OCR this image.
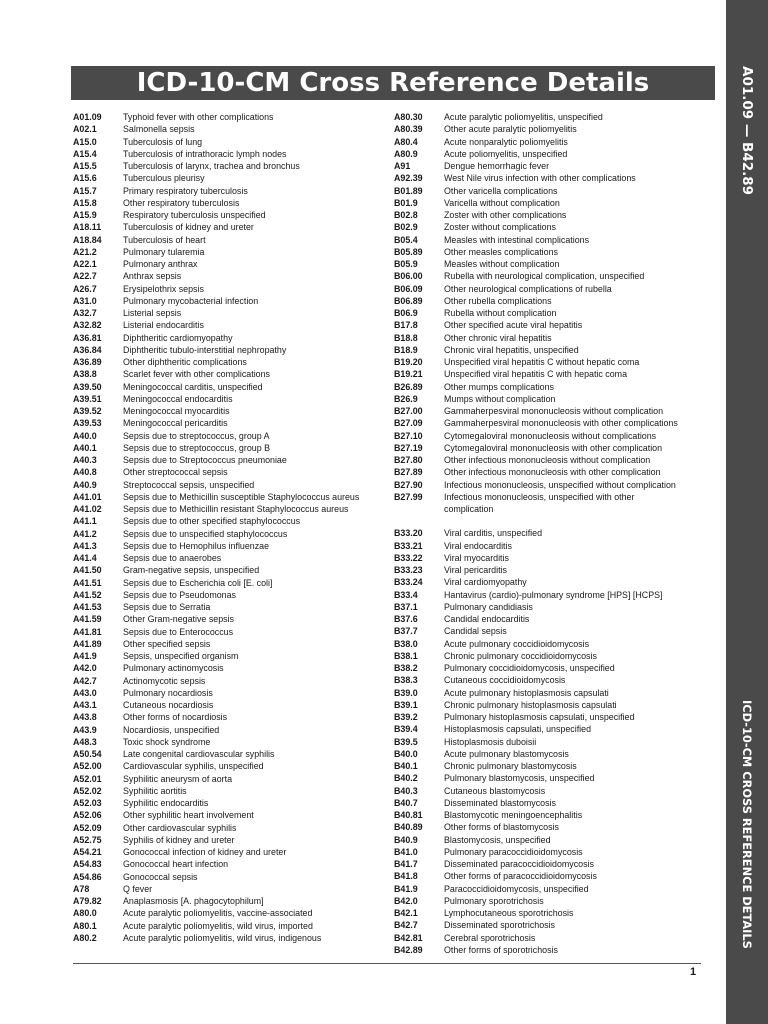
A01.09 — B42.89
ICD-10-CM CROSS REFERENCE DETAILS
ICD-10-CM Cross Reference Details
A01.09	Typhoid fever with other complications
A02.1	Salmonella sepsis
A15.0	Tuberculosis of lung
A15.4	Tuberculosis of intrathoracic lymph nodes
A15.5	Tuberculosis of larynx, trachea and bronchus
A15.6	Tuberculous pleurisy
A15.7	Primary respiratory tuberculosis
A15.8	Other respiratory tuberculosis
A15.9	Respiratory tuberculosis unspecified
A18.11	Tuberculosis of kidney and ureter
A18.84	Tuberculosis of heart
A21.2	Pulmonary tularemia
A22.1	Pulmonary anthrax
A22.7	Anthrax sepsis
A26.7	Erysipelothrix sepsis
A31.0	Pulmonary mycobacterial infection
A32.7	Listerial sepsis
A32.82	Listerial endocarditis
A36.81	Diphtheritic cardiomyopathy
A36.84	Diphtheritic tubulo-interstitial nephropathy
A36.89	Other diphtheritic complications
A38.8	Scarlet fever with other complications
A39.50	Meningococcal carditis, unspecified
A39.51	Meningococcal endocarditis
A39.52	Meningococcal myocarditis
A39.53	Meningococcal pericarditis
A40.0	Sepsis due to streptococcus, group A
A40.1	Sepsis due to streptococcus, group B
A40.3	Sepsis due to Streptococcus pneumoniae
A40.8	Other streptococcal sepsis
A40.9	Streptococcal sepsis, unspecified
A41.01	Sepsis due to Methicillin susceptible Staphylococcus aureus
A41.02	Sepsis due to Methicillin resistant Staphylococcus aureus
A41.1	Sepsis due to other specified staphylococcus
A41.2	Sepsis due to unspecified staphylococcus
A41.3	Sepsis due to Hemophilus influenzae
A41.4	Sepsis due to anaerobes
A41.50	Gram-negative sepsis, unspecified
A41.51	Sepsis due to Escherichia coli [E. coli]
A41.52	Sepsis due to Pseudomonas
A41.53	Sepsis due to Serratia
A41.59	Other Gram-negative sepsis
A41.81	Sepsis due to Enterococcus
A41.89	Other specified sepsis
A41.9	Sepsis, unspecified organism
A42.0	Pulmonary actinomycosis
A42.7	Actinomycotic sepsis
A43.0	Pulmonary nocardiosis
A43.1	Cutaneous nocardiosis
A43.8	Other forms of nocardiosis
A43.9	Nocardiosis, unspecified
A48.3	Toxic shock syndrome
A50.54	Late congenital cardiovascular syphilis
A52.00	Cardiovascular syphilis, unspecified
A52.01	Syphilitic aneurysm of aorta
A52.02	Syphilitic aortitis
A52.03	Syphilitic endocarditis
A52.06	Other syphilitic heart involvement
A52.09	Other cardiovascular syphilis
A52.75	Syphilis of kidney and ureter
A54.21	Gonococcal infection of kidney and ureter
A54.83	Gonococcal heart infection
A54.86	Gonococcal sepsis
A78	Q fever
A79.82	Anaplasmosis [A. phagocytophilum]
A80.0	Acute paralytic poliomyelitis, vaccine-associated
A80.1	Acute paralytic poliomyelitis, wild virus, imported
A80.2	Acute paralytic poliomyelitis, wild virus, indigenous
A80.30	Acute paralytic poliomyelitis, unspecified
A80.39	Other acute paralytic poliomyelitis
A80.4	Acute nonparalytic poliomyelitis
A80.9	Acute poliomyelitis, unspecified
A91	Dengue hemorrhagic fever
A92.39	West Nile virus infection with other complications
B01.89	Other varicella complications
B01.9	Varicella without complication
B02.8	Zoster with other complications
B02.9	Zoster without complications
B05.4	Measles with intestinal complications
B05.89	Other measles complications
B05.9	Measles without complication
B06.00	Rubella with neurological complication, unspecified
B06.09	Other neurological complications of rubella
B06.89	Other rubella complications
B06.9	Rubella without complication
B17.8	Other specified acute viral hepatitis
B18.8	Other chronic viral hepatitis
B18.9	Chronic viral hepatitis, unspecified
B19.20	Unspecified viral hepatitis C without hepatic coma
B19.21	Unspecified viral hepatitis C with hepatic coma
B26.89	Other mumps complications
B26.9	Mumps without complication
B27.00	Gammaherpesviral mononucleosis without complication
B27.09	Gammaherpesviral mononucleosis with other complications
B27.10	Cytomegaloviral mononucleosis without complications
B27.19	Cytomegaloviral mononucleosis with other complication
B27.80	Other infectious mononucleosis without complication
B27.89	Other infectious mononucleosis with other complication
B27.90	Infectious mononucleosis, unspecified without complication
B27.99	Infectious mononucleosis, unspecified with other complication
B33.20	Viral carditis, unspecified
B33.21	Viral endocarditis
B33.22	Viral myocarditis
B33.23	Viral pericarditis
B33.24	Viral cardiomyopathy
B33.4	Hantavirus (cardio)-pulmonary syndrome [HPS] [HCPS]
B37.1	Pulmonary candidiasis
B37.6	Candidal endocarditis
B37.7	Candidal sepsis
B38.0	Acute pulmonary coccidioidomycosis
B38.1	Chronic pulmonary coccidioidomycosis
B38.2	Pulmonary coccidioidomycosis, unspecified
B38.3	Cutaneous coccidioidomycosis
B39.0	Acute pulmonary histoplasmosis capsulati
B39.1	Chronic pulmonary histoplasmosis capsulati
B39.2	Pulmonary histoplasmosis capsulati, unspecified
B39.4	Histoplasmosis capsulati, unspecified
B39.5	Histoplasmosis duboisii
B40.0	Acute pulmonary blastomycosis
B40.1	Chronic pulmonary blastomycosis
B40.2	Pulmonary blastomycosis, unspecified
B40.3	Cutaneous blastomycosis
B40.7	Disseminated blastomycosis
B40.81	Blastomycotic meningoencephalitis
B40.89	Other forms of blastomycosis
B40.9	Blastomycosis, unspecified
B41.0	Pulmonary paracoccidioidomycosis
B41.7	Disseminated paracoccidioidomycosis
B41.8	Other forms of paracoccidioidomycosis
B41.9	Paracoccidioidomycosis, unspecified
B42.0	Pulmonary sporotrichosis
B42.1	Lymphocutaneous sporotrichosis
B42.7	Disseminated sporotrichosis
B42.81	Cerebral sporotrichosis
B42.89	Other forms of sporotrichosis
1
